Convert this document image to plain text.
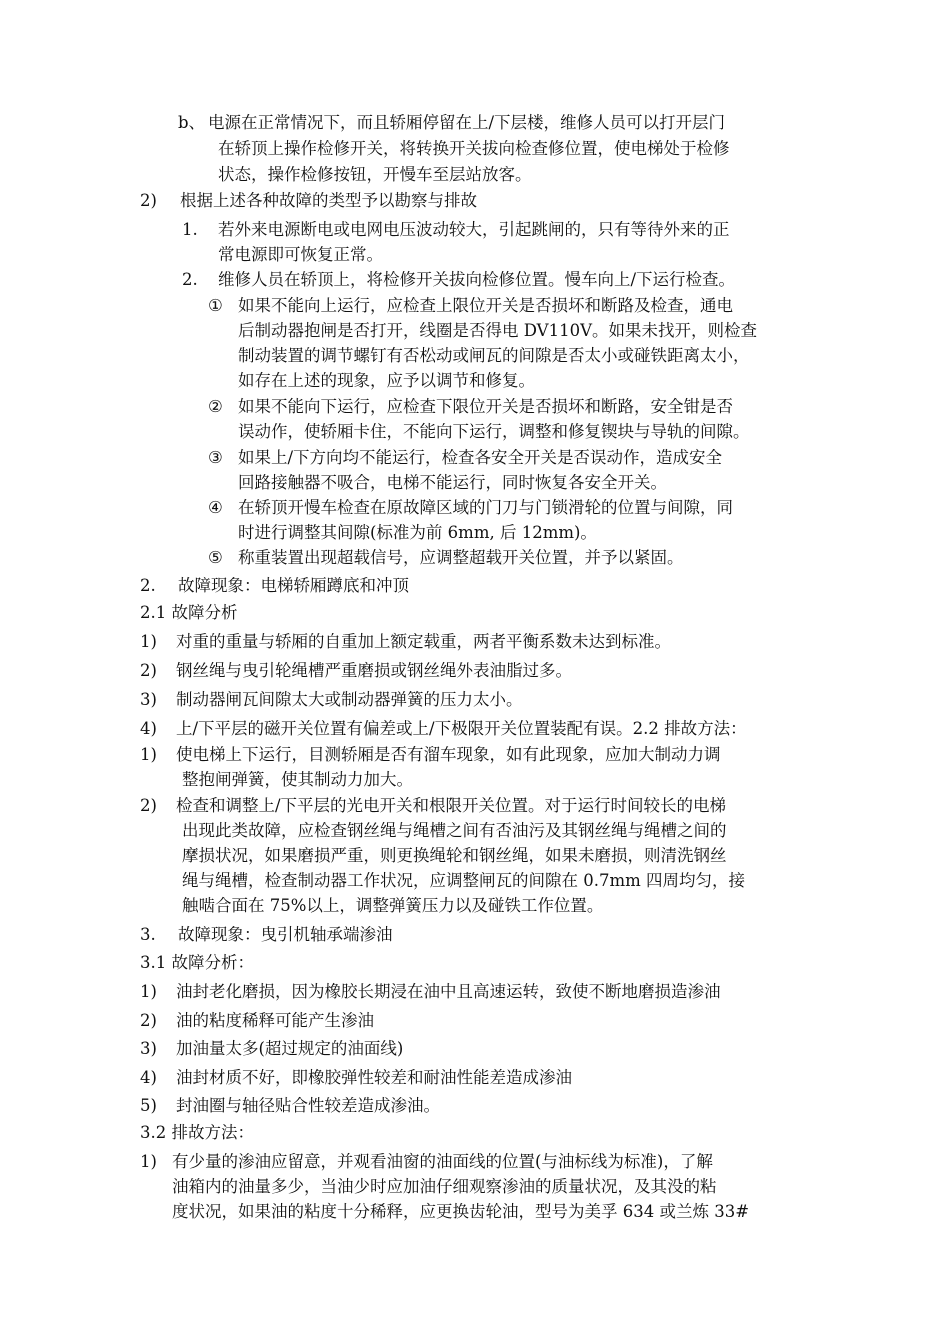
b、 电源在正常情况下，而且轿厢停留在上/下层楼，维修人员可以打开层门
在轿顶上操作检修开关，将转换开关拔向检查修位置，使电梯处于检修
状态，操作检修按钮，开慢车至层站放客。
2) 根据上述各种故障的类型予以勘察与排故
1. 若外来电源断电或电网电压波动较大，引起跳闸的，只有等待外来的正
常电源即可恢复正常。
2. 维修人员在轿顶上，将检修开关拔向检修位置。慢车向上/下运行检查。
① 如果不能向上运行，应检查上限位开关是否损坏和断路及检查，通电
后制动器抱闸是否打开，线圈是否得电 DV110V。如果未找开，则检查
制动装置的调节螺钉有否松动或闸瓦的间隙是否太小或碰铁距离太小，
如存在上述的现象，应予以调节和修复。
② 如果不能向下运行，应检查下限位开关是否损坏和断路，安全钳是否
误动作，使轿厢卡住，不能向下运行，调整和修复锲块与导轨的间隙。
③ 如果上/下方向均不能运行，检查各安全开关是否误动作，造成安全
回路接触器不吸合，电梯不能运行，同时恢复各安全开关。
④ 在轿顶开慢车检查在原故障区域的门刀与门锁滑轮的位置与间隙，同
时进行调整其间隙(标准为前 6mm, 后 12mm)。
⑤ 称重装置出现超载信号，应调整超载开关位置，并予以紧固。
2. 故障现象：电梯轿厢蹲底和冲顶
2.1 故障分析
1) 对重的重量与轿厢的自重加上额定载重，两者平衡系数未达到标准。
2) 钢丝绳与曳引轮绳槽严重磨损或钢丝绳外表油脂过多。
3) 制动器闸瓦间隙太大或制动器弹簧的压力太小。
4) 上/下平层的磁开关位置有偏差或上/下极限开关位置装配有误。2.2 排故方法：
1) 使电梯上下运行，目测轿厢是否有溜车现象，如有此现象，应加大制动力调
整抱闸弹簧，使其制动力加大。
2) 检查和调整上/下平层的光电开关和根限开关位置。对于运行时间较长的电梯
出现此类故障，应检查钢丝绳与绳槽之间有否油污及其钢丝绳与绳槽之间的
摩损状况，如果磨损严重，则更换绳轮和钢丝绳，如果未磨损，则清洗钢丝
绳与绳槽，检查制动器工作状况，应调整闸瓦的间隙在 0.7mm 四周均匀，接
触啮合面在 75%以上，调整弹簧压力以及碰铁工作位置。
3. 故障现象：曳引机轴承端渗油
3.1 故障分析：
1) 油封老化磨损，因为橡胶长期浸在油中且高速运转，致使不断地磨损造渗油
2) 油的粘度稀释可能产生渗油
3) 加油量太多(超过规定的油面线)
4) 油封材质不好，即橡胶弹性较差和耐油性能差造成渗油
5) 封油圈与轴径贴合性较差造成渗油。
3.2 排故方法：
1) 有少量的渗油应留意，并观看油窗的油面线的位置(与油标线为标准)，了解
油箱内的油量多少，当油少时应加油仔细观察渗油的质量状况，及其没的粘
度状况，如果油的粘度十分稀释，应更换齿轮油，型号为美孚 634 或兰炼 33#
